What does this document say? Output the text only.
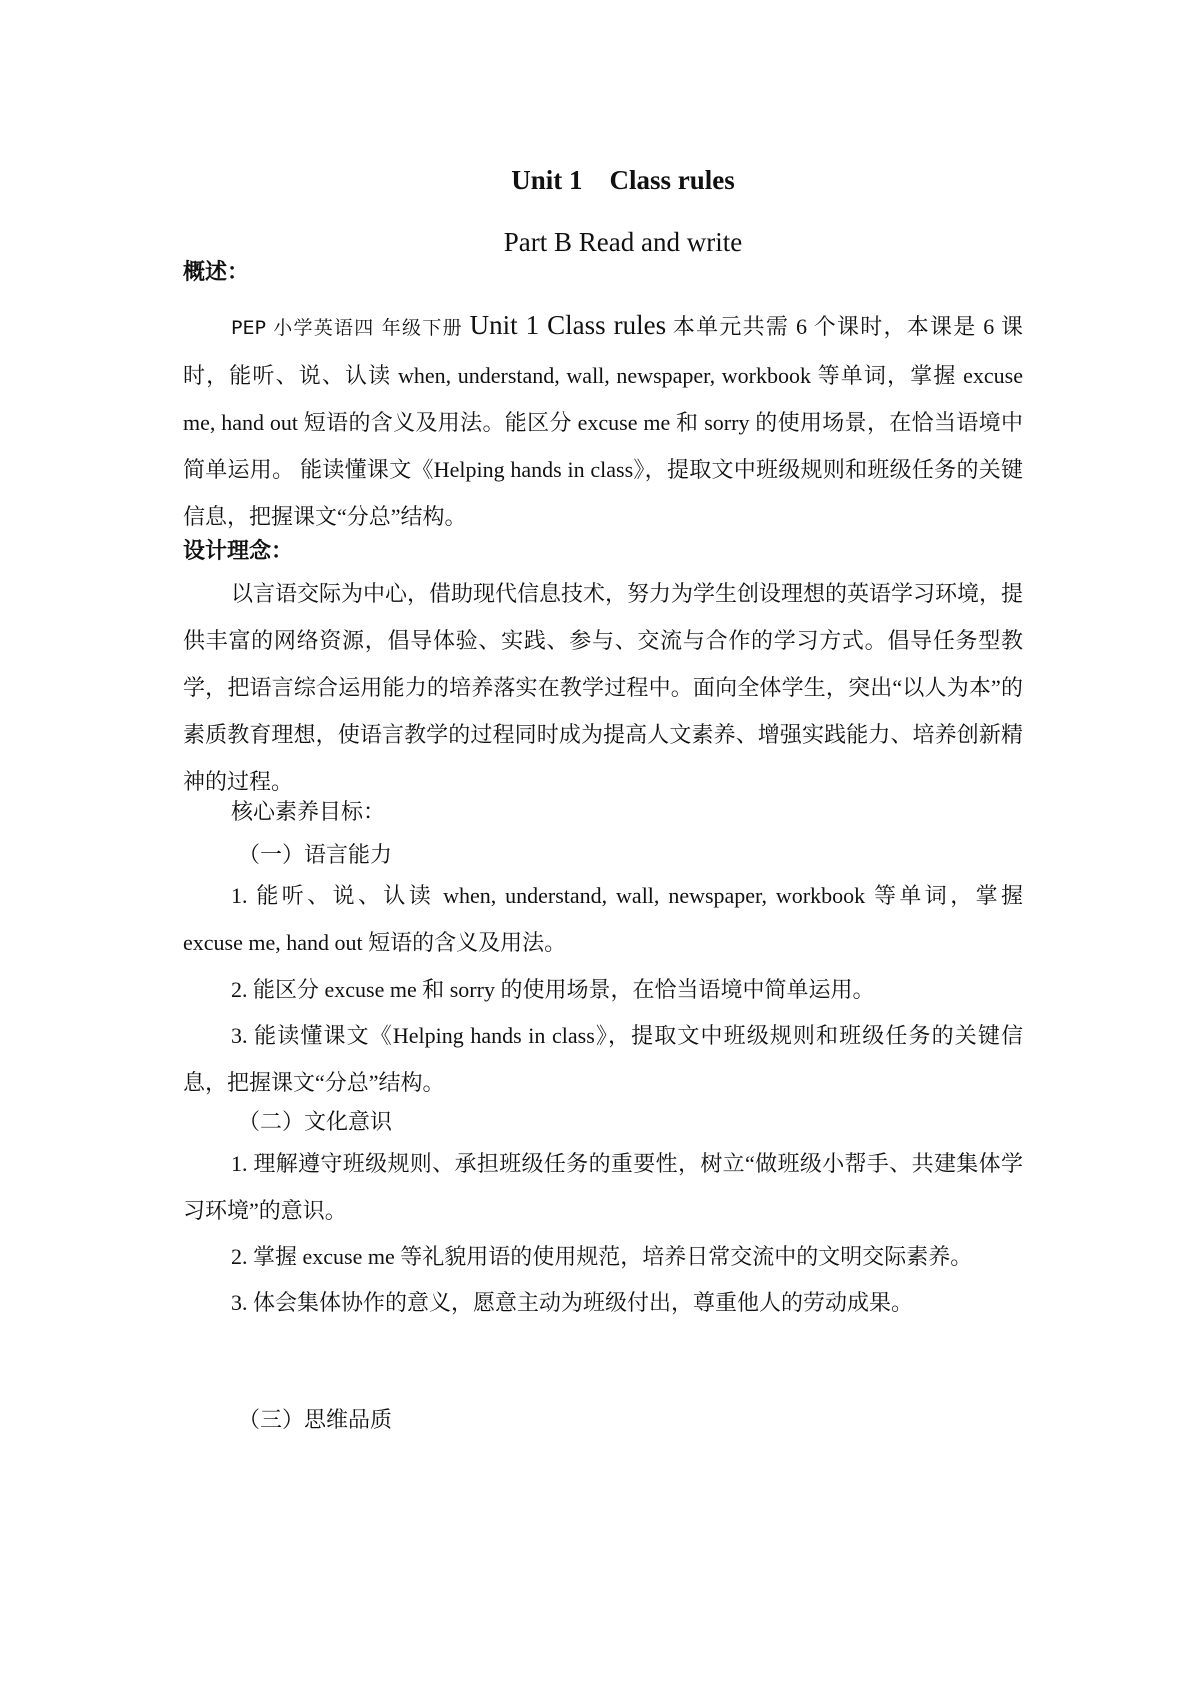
Unit 1    Class rules
Part B Read and write
概述：
PEP 小学英语四 年级下册 Unit 1 Class rules 本单元共需 6 个课时，本课是 6 课时，能听、说、认读 when, understand, wall, newspaper, workbook 等单词，掌握 excuse me, hand out 短语的含义及用法。能区分 excuse me 和 sorry 的使用场景，在恰当语境中简单运用。 能读懂课文《Helping hands in class》，提取文中班级规则和班级任务的关键信息，把握课文“分总”结构。
设计理念：
以言语交际为中心，借助现代信息技术，努力为学生创设理想的英语学习环境，提供丰富的网络资源，倡导体验、实践、参与、交流与合作的学习方式。倡导任务型教学，把语言综合运用能力的培养落实在教学过程中。面向全体学生，突出“以人为本”的素质教育理想，使语言教学的过程同时成为提高人文素养、增强实践能力、培养创新精神的过程。
核心素养目标：
（一）语言能力
1. 能听、说、认读 when, understand, wall, newspaper, workbook 等单词，掌握 excuse me, hand out 短语的含义及用法。
2. 能区分 excuse me 和 sorry 的使用场景，在恰当语境中简单运用。
3. 能读懂课文《Helping hands in class》，提取文中班级规则和班级任务的关键信息，把握课文“分总”结构。
（二）文化意识
1. 理解遵守班级规则、承担班级任务的重要性，树立“做班级小帮手、共建集体学习环境”的意识。
2. 掌握 excuse me 等礼貌用语的使用规范，培养日常交流中的文明交际素养。
3. 体会集体协作的意义，愿意主动为班级付出，尊重他人的劳动成果。
（三）思维品质
